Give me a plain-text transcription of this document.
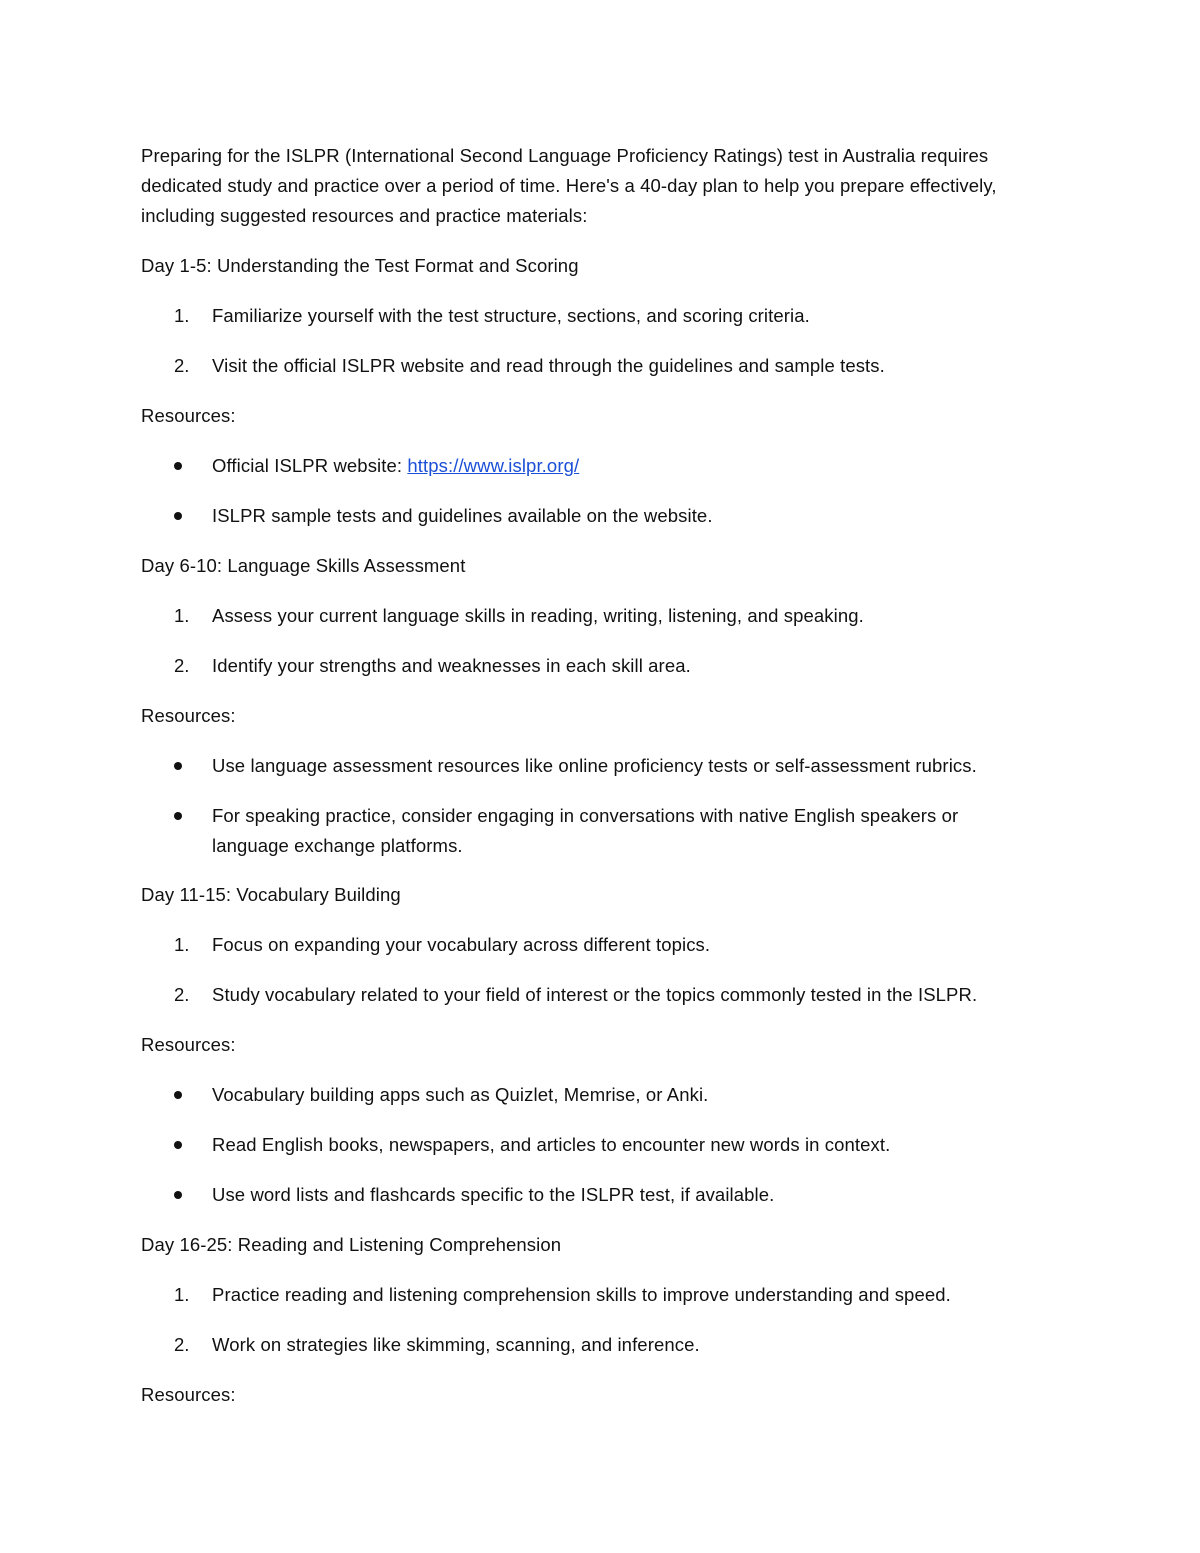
Preparing for the ISLPR (International Second Language Proficiency Ratings) test in Australia requires
dedicated study and practice over a period of time. Here's a 40-day plan to help you prepare effectively,
including suggested resources and practice materials:
Day 1-5: Understanding the Test Format and Scoring
1. Familiarize yourself with the test structure, sections, and scoring criteria.
2. Visit the official ISLPR website and read through the guidelines and sample tests.
Resources:
Official ISLPR website: https://www.islpr.org/
ISLPR sample tests and guidelines available on the website.
Day 6-10: Language Skills Assessment
1. Assess your current language skills in reading, writing, listening, and speaking.
2. Identify your strengths and weaknesses in each skill area.
Resources:
Use language assessment resources like online proficiency tests or self-assessment rubrics.
For speaking practice, consider engaging in conversations with native English speakers or
language exchange platforms.
Day 11-15: Vocabulary Building
1. Focus on expanding your vocabulary across different topics.
2. Study vocabulary related to your field of interest or the topics commonly tested in the ISLPR.
Resources:
Vocabulary building apps such as Quizlet, Memrise, or Anki.
Read English books, newspapers, and articles to encounter new words in context.
Use word lists and flashcards specific to the ISLPR test, if available.
Day 16-25: Reading and Listening Comprehension
1. Practice reading and listening comprehension skills to improve understanding and speed.
2. Work on strategies like skimming, scanning, and inference.
Resources:
